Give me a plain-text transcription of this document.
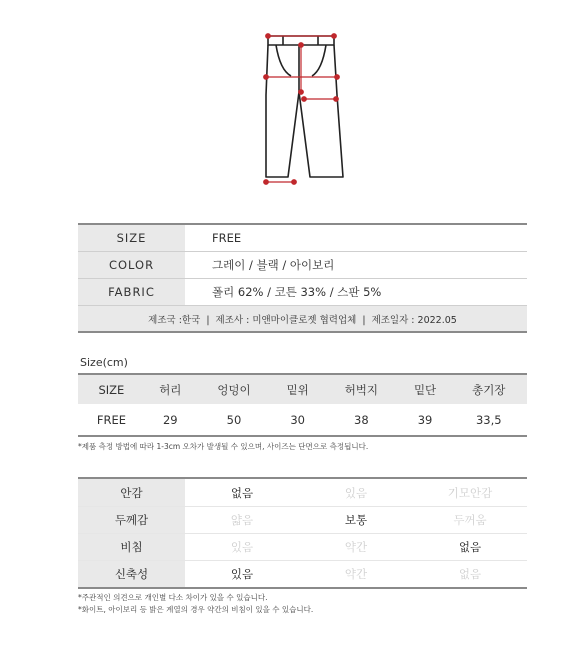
SIZE	FREE
COLOR	그레이 / 블랙 / 아이보리
FABRIC	폴리 62% / 코튼 33% / 스판 5%
제조국 :한국  |  제조사 : 미앤마이클로젯 협력업체  |  제조일자 : 2022.05
Size(cm)
SIZE	허리	엉덩이	밑위	허벅지	밑단	총기장
FREE	29	50	30	38	39	33,5
*제품 측정 방법에 따라 1-3cm 오차가 발생될 수 있으며, 사이즈는 단면으로 측정됩니다.
안감	없음	있음	기모안감
두께감	얇음	보통	두꺼움
비침	있음	약간	없음
신축성	있음	약간	없음
*주관적인 의견으로 개인별 다소 차이가 있을 수 있습니다.
*화이트, 아이보리 등 밝은 계열의 경우 약간의 비침이 있을 수 있습니다.
